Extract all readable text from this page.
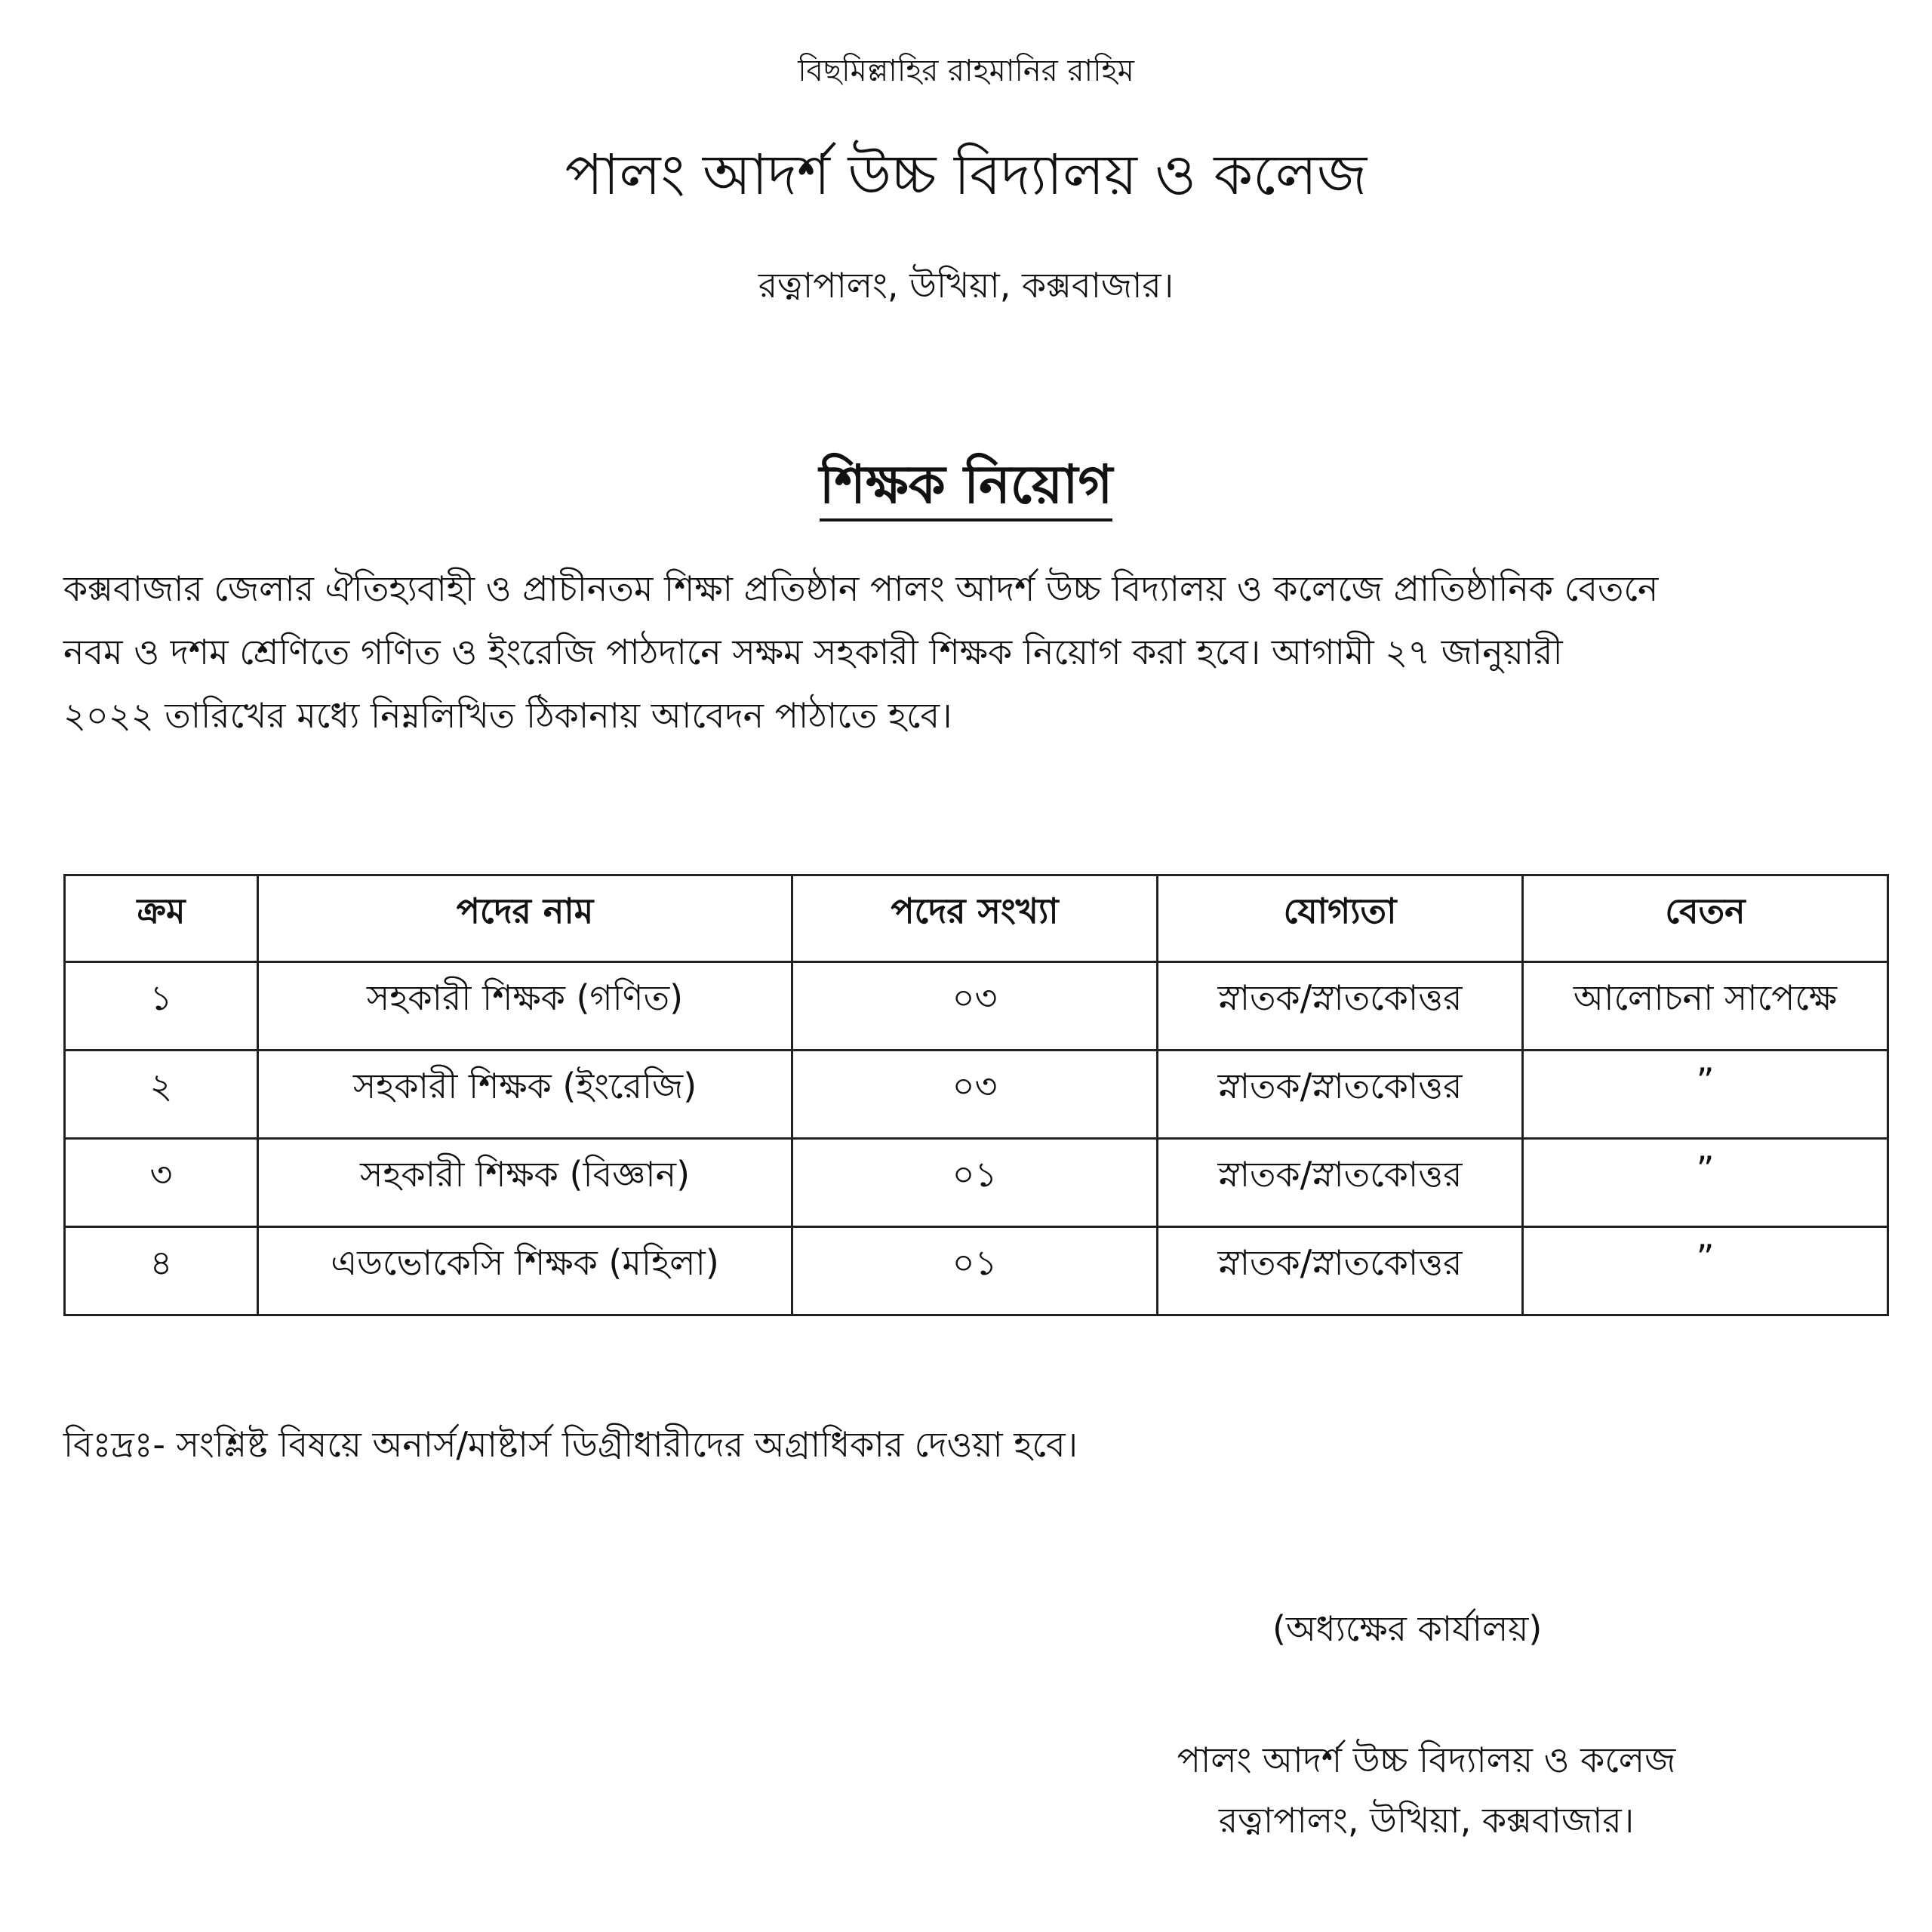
বিছমিল্লাহির রাহমানির রাহিম
পালং আদর্শ উচ্চ বিদ্যালয় ও কলেজ
রত্নাপালং, উখিয়া, কক্সবাজার।
শিক্ষক নিয়োগ
কক্সবাজার জেলার ঐতিহ্যবাহী ও প্রাচীনতম শিক্ষা প্রতিষ্ঠান পালং আদর্শ উচ্চ বিদ্যালয় ও কলেজে প্রাতিষ্ঠানিক বেতনে
নবম ও দশম শ্রেণিতে গণিত ও ইংরেজি পাঠদানে সক্ষম সহকারী শিক্ষক নিয়োগ করা হবে। আগামী ২৭ জানুয়ারী
২০২২ তারিখের মধ্যে নিম্নলিখিত ঠিকানায় আবেদন পাঠাতে হবে।
ক্রম	পদের নাম	পদের সংখ্যা	যোগ্যতা	বেতন
১	সহকারী শিক্ষক (গণিত)	০৩	স্নাতক/স্নাতকোত্তর	আলোচনা সাপেক্ষে
২	সহকারী শিক্ষক (ইংরেজি)	০৩	স্নাতক/স্নাতকোত্তর	”
৩	সহকারী শিক্ষক (বিজ্ঞান)	০১	স্নাতক/স্নাতকোত্তর	”
৪	এডভোকেসি শিক্ষক (মহিলা)	০১	স্নাতক/স্নাতকোত্তর	”
বিঃদ্রঃ- সংশ্লিষ্ট বিষয়ে অনার্স/মাষ্টার্স ডিগ্রীধারীদের অগ্রাধিকার দেওয়া হবে।
(অধ্যক্ষের কার্যালয়)
পালং আদর্শ উচ্চ বিদ্যালয় ও কলেজ
রত্নাপালং, উখিয়া, কক্সবাজার।
